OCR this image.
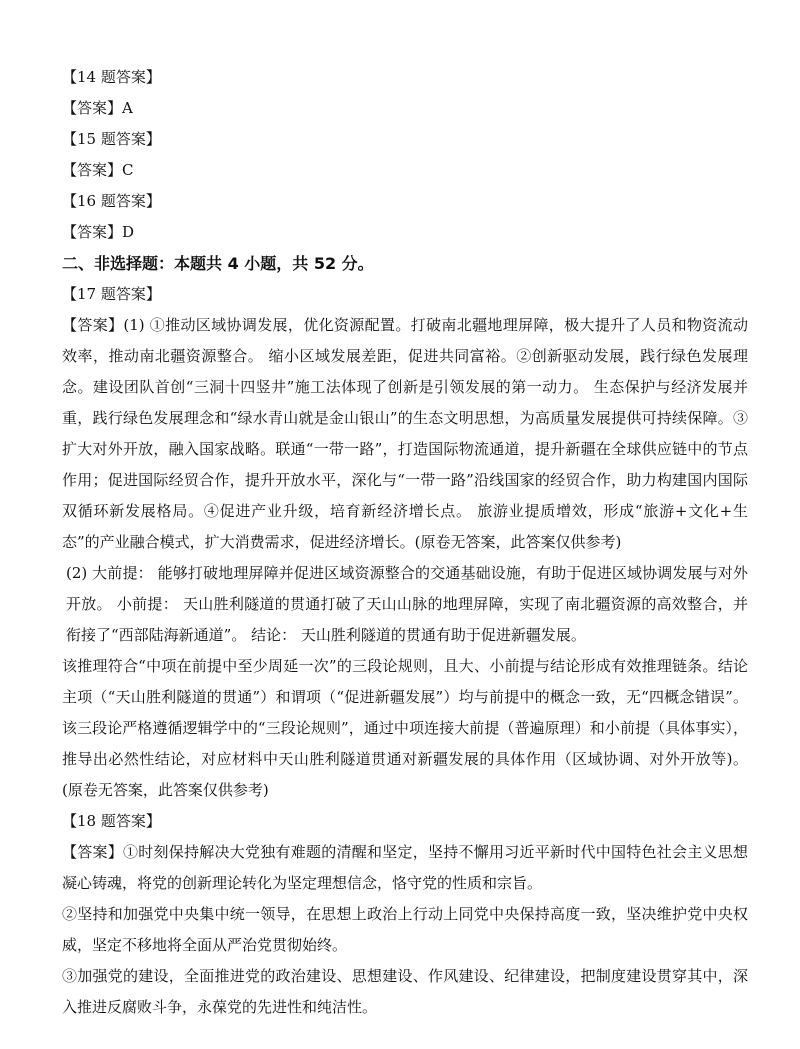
【14 题答案】
【答案】A
【15 题答案】
【答案】C
【16 题答案】
【答案】D
二、非选择题：本题共 4 小题，共 52 分。
【17 题答案】
【答案】(1) ①推动区域协调发展，优化资源配置。打破南北疆地理屏障，极大提升了人员和物资流动效率，推动南北疆资源整合。 缩小区域发展差距，促进共同富裕。②创新驱动发展，践行绿色发展理念。建设团队首创“三洞十四竖井”施工法体现了创新是引领发展的第一动力。 生态保护与经济发展并重，践行绿色发展理念和“绿水青山就是金山银山”的生态文明思想，为高质量发展提供可持续保障。③扩大对外开放，融入国家战略。联通“一带一路”，打造国际物流通道，提升新疆在全球供应链中的节点作用；促进国际经贸合作，提升开放水平，深化与“一带一路”沿线国家的经贸合作，助力构建国内国际双循环新发展格局。④促进产业升级，培育新经济增长点。 旅游业提质增效，形成“旅游+文化+生态”的产业融合模式，扩大消费需求，促进经济增长。(原卷无答案，此答案仅供参考)
(2) 大前提： 能够打破地理屏障并促进区域资源整合的交通基础设施，有助于促进区域协调发展与对外开放。 小前提： 天山胜利隧道的贯通打破了天山山脉的地理屏障，实现了南北疆资源的高效整合，并衔接了“西部陆海新通道”。 结论： 天山胜利隧道的贯通有助于促进新疆发展。
该推理符合“中项在前提中至少周延一次”的三段论规则，且大、小前提与结论形成有效推理链条。结论主项（“天山胜利隧道的贯通”）和谓项（“促进新疆发展”）均与前提中的概念一致，无“四概念错误”。该三段论严格遵循逻辑学中的“三段论规则”，通过中项连接大前提（普遍原理）和小前提（具体事实），推导出必然性结论，对应材料中天山胜利隧道贯通对新疆发展的具体作用（区域协调、对外开放等)。(原卷无答案，此答案仅供参考)
【18 题答案】
【答案】①时刻保持解决大党独有难题的清醒和坚定，坚持不懈用习近平新时代中国特色社会主义思想凝心铸魂，将党的创新理论转化为坚定理想信念，恪守党的性质和宗旨。
②坚持和加强党中央集中统一领导，在思想上政治上行动上同党中央保持高度一致，坚决维护党中央权威，坚定不移地将全面从严治党贯彻始终。
③加强党的建设，全面推进党的政治建设、思想建设、作风建设、纪律建设，把制度建设贯穿其中，深入推进反腐败斗争，永葆党的先进性和纯洁性。
